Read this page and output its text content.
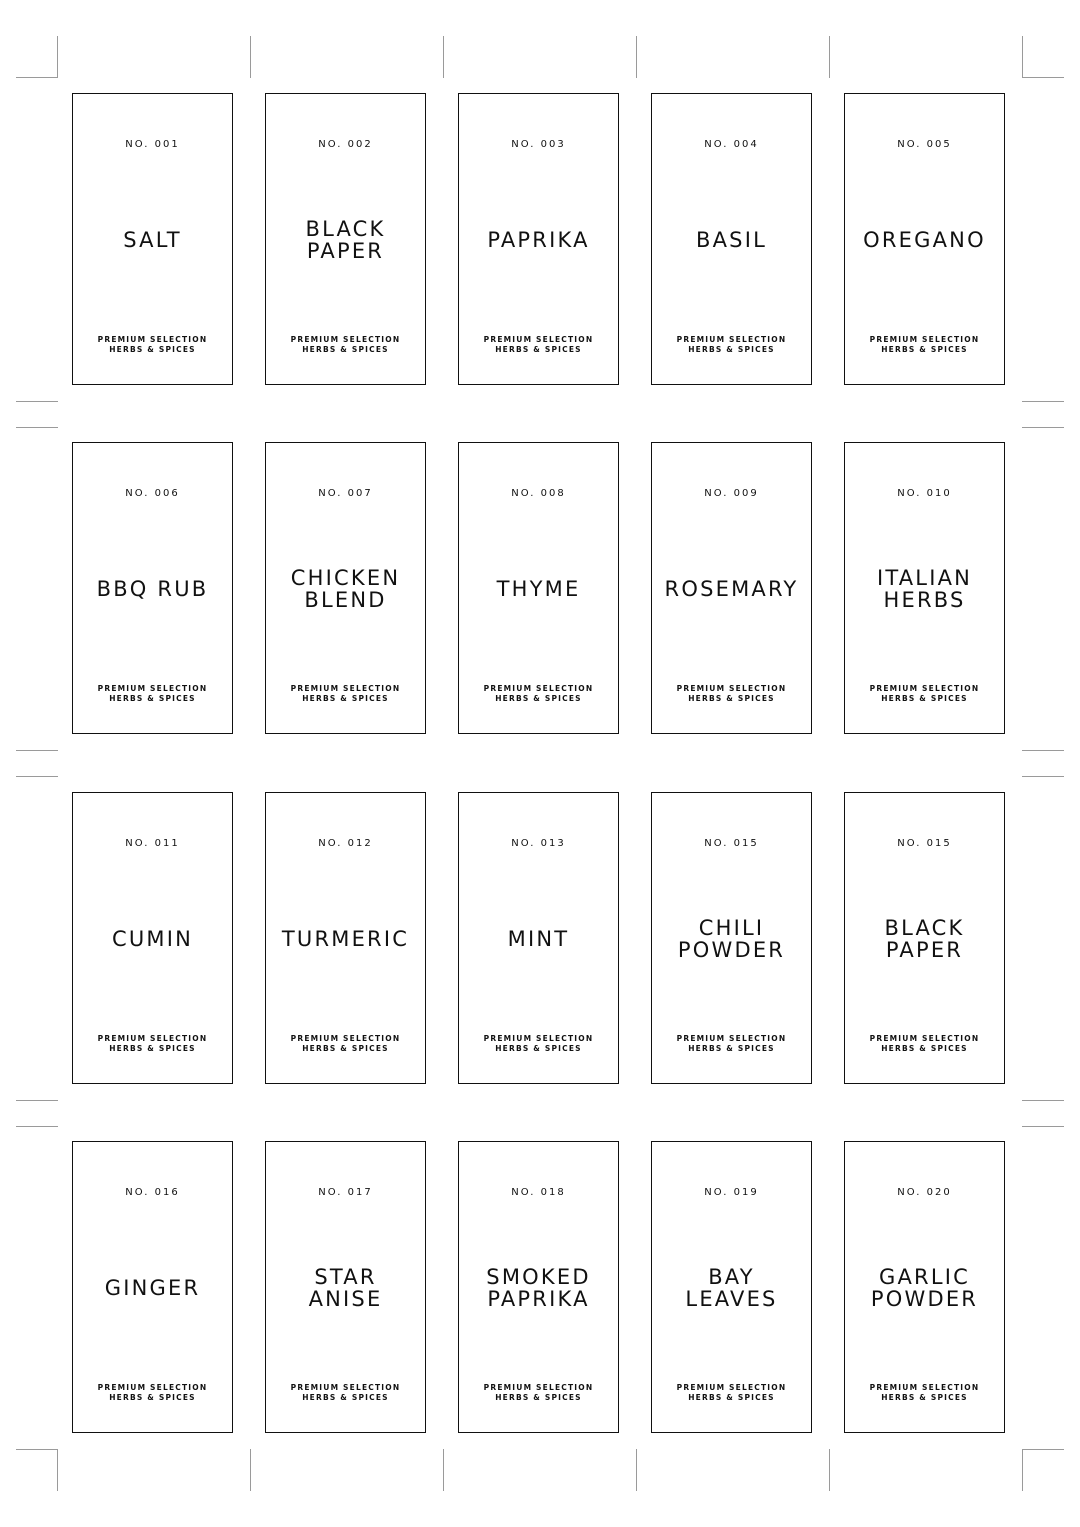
NO. 001
SALT
PREMIUM SELECTION
HERBS & SPICES
NO. 002
BLACK
PAPER
PREMIUM SELECTION
HERBS & SPICES
NO. 003
PAPRIKA
PREMIUM SELECTION
HERBS & SPICES
NO. 004
BASIL
PREMIUM SELECTION
HERBS & SPICES
NO. 005
OREGANO
PREMIUM SELECTION
HERBS & SPICES
NO. 006
BBQ RUB
PREMIUM SELECTION
HERBS & SPICES
NO. 007
CHICKEN
BLEND
PREMIUM SELECTION
HERBS & SPICES
NO. 008
THYME
PREMIUM SELECTION
HERBS & SPICES
NO. 009
ROSEMARY
PREMIUM SELECTION
HERBS & SPICES
NO. 010
ITALIAN
HERBS
PREMIUM SELECTION
HERBS & SPICES
NO. 011
CUMIN
PREMIUM SELECTION
HERBS & SPICES
NO. 012
TURMERIC
PREMIUM SELECTION
HERBS & SPICES
NO. 013
MINT
PREMIUM SELECTION
HERBS & SPICES
NO. 015
CHILI
POWDER
PREMIUM SELECTION
HERBS & SPICES
NO. 015
BLACK
PAPER
PREMIUM SELECTION
HERBS & SPICES
NO. 016
GINGER
PREMIUM SELECTION
HERBS & SPICES
NO. 017
STAR
ANISE
PREMIUM SELECTION
HERBS & SPICES
NO. 018
SMOKED
PAPRIKA
PREMIUM SELECTION
HERBS & SPICES
NO. 019
BAY
LEAVES
PREMIUM SELECTION
HERBS & SPICES
NO. 020
GARLIC
POWDER
PREMIUM SELECTION
HERBS & SPICES
